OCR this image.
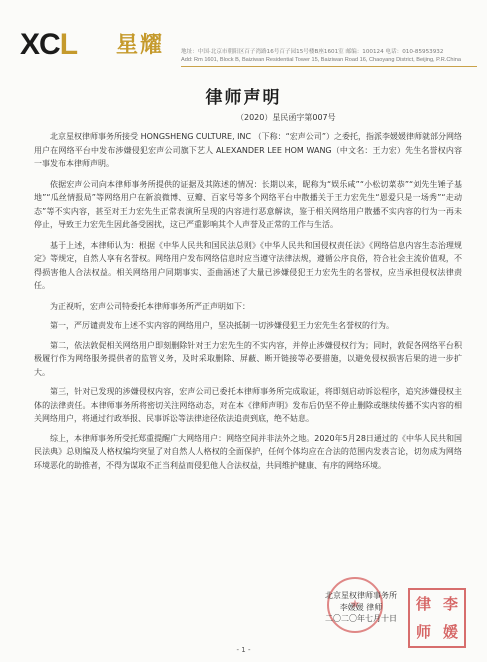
XCL 星耀	地址：中国·北京市朝阳区百子湾路16号百子园15号楼B座1601室 邮编：100124 电话：010-85953932
Add: Rm 1601, Block B, Baiziwan Residential Tower 15, Baiziwan Road 16, Chaoyang District, Beijing, P.R.China
律师声明
（2020）星民函字第007号

北京星权律师事务所接受 HONGSHENG CULTURE, INC （下称：“宏声公司”）之委托，指派李媛媛律师就部分网络用户在网络平台中发布涉嫌侵犯宏声公司旗下艺人 ALEXANDER LEE HOM WANG（中文名：王力宏）先生名誉权内容一事发布本律师声明。

依据宏声公司向本律师事务所提供的证据及其陈述的情况：长期以来，昵称为“娱乐咸”“小松切菜恭”“刘先生锤子基地”“瓜丝情报局”等网络用户在新浪微博、豆瓣、百家号等多个网络平台中散播关于王力宏先生“恩爱只是一场秀”“走动态”等不实内容，甚至对王力宏先生正常表演所呈现的内容进行恶意解读，鉴于相关网络用户散播不实内容的行为一再未停止，导致王力宏先生因此备受困扰，这已严重影响其个人声誉及正常的工作与生活。

基于上述，本律师认为：根据《中华人民共和国民法总则》《中华人民共和国侵权责任法》《网络信息内容生态治理规定》等规定，自然人享有名誉权。网络用户发布网络信息时应当遵守法律法规，遵循公序良俗，符合社会主流价值观，不得损害他人合法权益。相关网络用户同期事实、歪曲涵述了大量已涉嫌侵犯王力宏先生的名誉权，应当承担侵权法律责任。

为正视听，宏声公司特委托本律师事务所严正声明如下：

第一，严厉谴责发布上述不实内容的网络用户，坚决抵制一切涉嫌侵犯王力宏先生名誉权的行为。

第二，依法敦促相关网络用户即刻删除针对王力宏先生的不实内容，并停止涉嫌侵权行为；同时，敦促各网络平台积极履行作为网络服务提供者的监管义务，及时采取删除、屏蔽、断开链接等必要措施，以避免侵权损害后果的进一步扩大。

第三，针对已发现的涉嫌侵权内容，宏声公司已委托本律师事务所完成取证，将即刻启动诉讼程序，追究涉嫌侵权主体的法律责任。本律师事务所将密切关注网络动态，对在本《律师声明》发布后仍坚不停止删除或继续传播不实内容的相关网络用户，将通过行政举报、民事诉讼等法律途径依法追责到底，绝不姑息。

综上，本律师事务所受托郑重提醒广大网络用户：网络空间并非法外之地。2020年5月28日通过的《中华人民共和国民法典》总则编及人格权编均突显了对自然人人格权的全面保护，任何个体均应在合法的范围内发表言论，切勿成为网络环境恶化的助推者，不得为谋取不正当利益而侵犯他人合法权益，共同维护健康、有序的网络环境。

北京星权律师事务所
李媛媛 律师
二〇二〇年七月十日
律 李
师 媛
- 1 -
